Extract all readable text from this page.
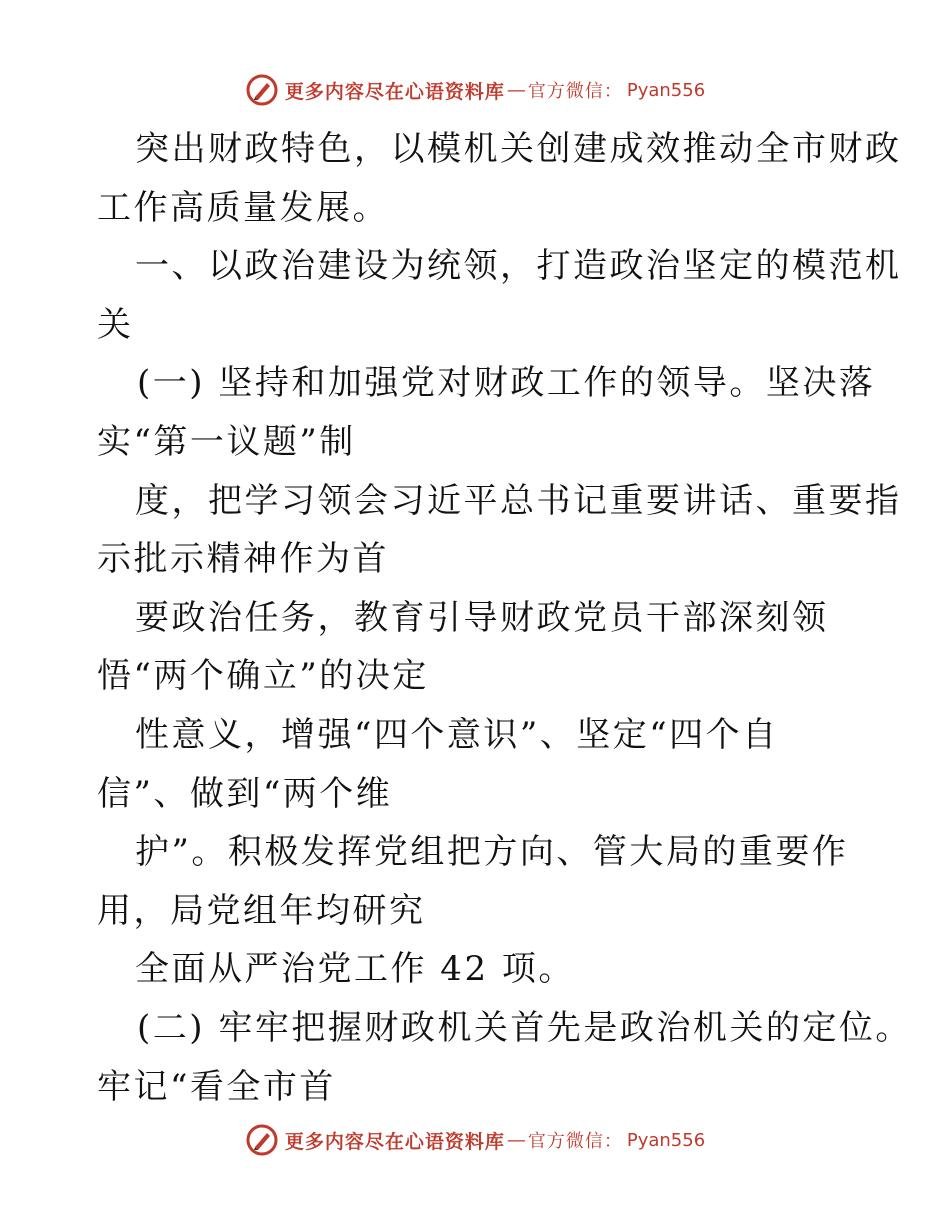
更多内容尽在心语资料库 — 官方微信： Pyan556
突出财政特色，以模机关创建成效推动全市财政
工作高质量发展。
一、以政治建设为统领，打造政治坚定的模范机
关
(一) 坚持和加强党对财政工作的领导。坚决落
实“第一议题”制
度，把学习领会习近平总书记重要讲话、重要指
示批示精神作为首
要政治任务，教育引导财政党员干部深刻领
悟“两个确立”的决定
性意义，增强“四个意识”、坚定“四个自
信”、做到“两个维
护”。积极发挥党组把方向、管大局的重要作
用，局党组年均研究
全面从严治党工作 42 项。
(二) 牢牢把握财政机关首先是政治机关的定位。
牢记“看全市首
更多内容尽在心语资料库 — 官方微信： Pyan556
